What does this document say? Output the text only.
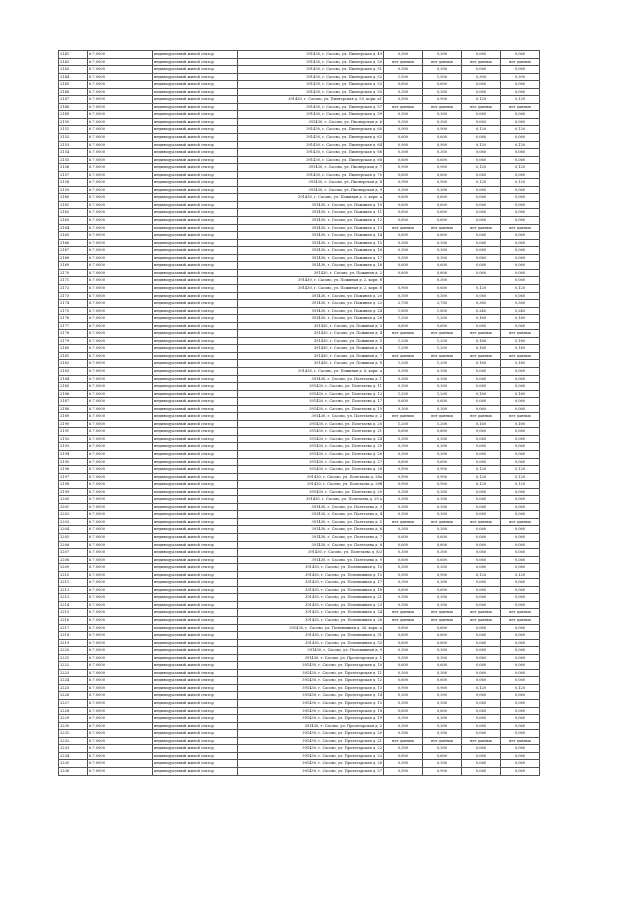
2141	6.7.0000	индивидуальный жилой сектор	391430, г. Сасово, ул. Пионерская д. 49	0,300	0,300	0,060	0,060
2142	6.7.0000	индивидуальный жилой сектор	391430, г. Сасово, ул. Пионерская д. 50	нет данных	нет данных	нет данных	нет данных
2143	6.7.0000	индивидуальный жилой сектор	391430, г. Сасово, ул. Пионерская д. 51	0,300	0,300	0,060	0,060
2144	6.7.0000	индивидуальный жилой сектор	391430, г. Сасово, ул. Пионерская д. 52	1,500	1,500	0,300	0,300
2145	6.7.0000	индивидуальный жилой сектор	391430, г. Сасово, ул. Пионерская д. 53	0,600	0,600	0,060	0,060
2146	6.7.0000	индивидуальный жилой сектор	391430, г. Сасово, ул. Пионерская д. 55	0,300	0,300	0,060	0,060
2147	6.7.0000	индивидуальный жилой сектор	391430, г. Сасово, ул. Пионерская д. 55, корп. а1	0,900	0,900	0,120	0,120
2148	6.7.0000	индивидуальный жилой сектор	391430, г. Сасово, ул. Пионерская д. 57	нет данных	нет данных	нет данных	нет данных
2149	6.7.0000	индивидуальный жилой сектор	391430, г. Сасово, ул. Пионерская д. 59	0,300	0,300	0,060	0,060
2150	6.7.0000	индивидуальный жилой сектор	391430, г. Сасово, ул. Пионерская д. 6	0,300	0,300	0,060	0,060
2151	6.7.0000	индивидуальный жилой сектор	391430, г. Сасово, ул. Пионерская д. 60	0,900	0,900	0,120	0,120
2152	6.7.0000	индивидуальный жилой сектор	391430, г. Сасово, ул. Пионерская д. 62	0,600	0,600	0,060	0,060
2153	6.7.0000	индивидуальный жилой сектор	391430, г. Сасово, ул. Пионерская д. 64	0,900	0,900	0,120	0,120
2154	6.7.0000	индивидуальный жилой сектор	391430, г. Сасово, ул. Пионерская д. 66	0,300	0,300	0,060	0,060
2155	6.7.0000	индивидуальный жилой сектор	391430, г. Сасово, ул. Пионерская д. 68	0,600	0,600	0,060	0,060
2156	6.7.0000	индивидуальный жилой сектор	391430, г. Сасово, ул. Пионерская д. 7	0,900	0,900	0,120	0,120
2157	6.7.0000	индивидуальный жилой сектор	391430, г. Сасово, ул. Пионерская д. 70	0,600	0,600	0,060	0,060
2158	6.7.0000	индивидуальный жилой сектор	391430, г. Сасово, ул. Пионерская д. 8	0,900	0,900	0,120	0,120
2159	6.7.0000	индивидуальный жилой сектор	391430, г. Сасово, ул. Пионерская д. 9	0,300	0,300	0,060	0,060
2160	6.7.0000	индивидуальный жилой сектор	391430, г. Сасово, ул. Пожиная д. 2, корп. а	0,600	0,600	0,060	0,060
2161	6.7.0000	индивидуальный жилой сектор	391430, г. Сасово, ул. Пожиная д. 10	0,600	0,600	0,060	0,060
2162	6.7.0000	индивидуальный жилой сектор	391430, г. Сасово, ул. Пожиная д. 11	0,600	0,600	0,060	0,060
2163	6.7.0000	индивидуальный жилой сектор	391430, г. Сасово, ул. Пожиная д. 12	0,600	0,600	0,060	0,060
2164	6.7.0000	индивидуальный жилой сектор	391430, г. Сасово, ул. Пожиная д. 13	нет данных	нет данных	нет данных	нет данных
2165	6.7.0000	индивидуальный жилой сектор	391430, г. Сасово, ул. Пожиная д. 14	0,600	0,600	0,060	0,060
2166	6.7.0000	индивидуальный жилой сектор	391430, г. Сасово, ул. Пожиная д. 15	0,300	0,300	0,060	0,060
2167	6.7.0000	индивидуальный жилой сектор	391430, г. Сасово, ул. Пожиная д. 16	0,300	0,300	0,060	0,060
2168	6.7.0000	индивидуальный жилой сектор	391430, г. Сасово, ул. Пожиная д. 17	0,300	0,300	0,060	0,060
2169	6.7.0000	индивидуальный жилой сектор	391430, г. Сасово, ул. Пожиная д. 18	0,600	0,600	0,060	0,060
2170	6.7.0000	индивидуальный жилой сектор	391430, г. Сасово, ул. Пожиная д. 2	0,600	0,600	0,060	0,060
2171	6.7.0000	индивидуальный жилой сектор	391430, г. Сасово, ул. Пожиная д. 2, корп. б		0,300		0,060
2172	6.7.0000	индивидуальный жилой сектор	391430, г. Сасово, ул. Пожиная д. 2, корп. б	0,900	0,600	0,120	0,120
2173	6.7.0000	индивидуальный жилой сектор	391430, г. Сасово, ул. Пожиная д. 20	0,300	0,300	0,060	0,060
2174	6.7.0000	индивидуальный жилой сектор	391430, г. Сасово, ул. Пожиная д. 22	2,700	2,700	0,360	0,360
2175	6.7.0000	индивидуальный жилой сектор	391430, г. Сасово, ул. Пожиная д. 24	1,800	1,800	0,240	0,240
2176	6.7.0000	индивидуальный жилой сектор	391430, г. Сасово, ул. Пожиная д. 26	1,200	1,200	0,160	0,160
2177	6.7.0000	индивидуальный жилой сектор	391430, г. Сасово, ул. Пожиная д. 3	0,600	0,600	0,060	0,060
2178	6.7.0000	индивидуальный жилой сектор	391430, г. Сасово, ул. Пожиная д. 4	нет данных	нет данных	нет данных	нет данных
2179	6.7.0000	индивидуальный жилой сектор	391430, г. Сасово, ул. Пожиная д. 5	1,200	1,200	0,160	0,160
2180	6.7.0000	индивидуальный жилой сектор	391430, г. Сасово, ул. Пожиная д. 6	1,200	1,200	0,160	0,160
2181	6.7.0000	индивидуальный жилой сектор	391430, г. Сасово, ул. Пожиная д. 7	нет данных	нет данных	нет данных	нет данных
2182	6.7.0000	индивидуальный жилой сектор	391430, г. Сасово, ул. Пожиная д. 8	1,200	1,200	0,160	0,160
2183	6.7.0000	индивидуальный жилой сектор	391430, г. Сасово, ул. Пожиная д. 8, корп. а	0,300	0,300	0,060	0,060
2184	6.7.0000	индивидуальный жилой сектор	391430, г. Сасово, ул. Полетаева д. 1	0,300	0,300	0,060	0,060
2185	6.7.0000	индивидуальный жилой сектор	391430, г. Сасово, ул. Полетаева д. 11	0,300	0,300	0,060	0,060
2186	6.7.0000	индивидуальный жилой сектор	391430, г. Сасово, ул. Полетаева д. 12	1,200	1,200	0,160	0,160
2187	6.7.0000	индивидуальный жилой сектор	391430, г. Сасово, ул. Полетаева д. 17	0,600	0,600	0,060	0,060
2188	6.7.0000	индивидуальный жилой сектор	391430, г. Сасово, ул. Полетаева д. 19	0,300	0,300	0,060	0,060
2189	6.7.0000	индивидуальный жилой сектор	391430, г. Сасово, ул. Полетаева д. 2	нет данных	нет данных	нет данных	нет данных
2190	6.7.0000	индивидуальный жилой сектор	391430, г. Сасово, ул. Полетаева д. 20	1,200	1,200	0,160	0,160
2191	6.7.0000	индивидуальный жилой сектор	391430, г. Сасово, ул. Полетаева д. 21	0,600	0,600	0,060	0,060
2192	6.7.0000	индивидуальный жилой сектор	391430, г. Сасово, ул. Полетаева д. 24	0,300	0,300	0,060	0,060
2193	6.7.0000	индивидуальный жилой сектор	391430, г. Сасово, ул. Полетаева д. 25	0,300	0,300	0,060	0,060
2194	6.7.0000	индивидуальный жилой сектор	391430, г. Сасово, ул. Полетаева д. 26	0,300	0,300	0,060	0,060
2195	6.7.0000	индивидуальный жилой сектор	391430, г. Сасово, ул. Полетаева д. 27	0,600	0,600	0,060	0,060
2196	6.7.0000	индивидуальный жилой сектор	391430, г. Сасово, ул. Полетаева д. 28	0,900	0,900	0,120	0,120
2197	6.7.0000	индивидуальный жилой сектор	391430, г. Сасово, ул. Полетаева д. 28а	0,900	0,900	0,120	0,120
2198	6.7.0000	индивидуальный жилой сектор	391430, г. Сасово, ул. Полетаева д. 28б	0,900	0,900	0,120	0,120
2199	6.7.0000	индивидуальный жилой сектор	391430, г. Сасово, ул. Полетаева д. 29	0,300	0,300	0,060	0,060
2200	6.7.0000	индивидуальный жилой сектор	391430, г. Сасово, ул. Полетаева д. 29 а	0,300	0,300	0,060	0,060
2201	6.7.0000	индивидуальный жилой сектор	391430, г. Сасово, ул. Полетаева д. 3	0,300	0,300	0,060	0,060
2202	6.7.0000	индивидуальный жилой сектор	391430, г. Сасово, ул. Полетаева д. 4	0,300	0,300	0,060	0,060
2203	6.7.0000	индивидуальный жилой сектор	391430, г. Сасово, ул. Полетаева д. 5	нет данных	нет данных	нет данных	нет данных
2204	6.7.0000	индивидуальный жилой сектор	391430, г. Сасово, ул. Полетаева д. 6	0,300	0,300	0,060	0,060
2205	6.7.0000	индивидуальный жилой сектор	391430, г. Сасово, ул. Полетаева д. 7	0,600	0,600	0,060	0,060
2206	6.7.0000	индивидуальный жилой сектор	391430, г. Сасово, ул. Полетаева д. 8	0,600	0,600	0,060	0,060
2207	6.7.0000	индивидуальный жилой сектор	391430, г. Сасово, ул. Полетаева д. 8/2	0,300	0,300	0,060	0,060
2208	6.7.0000	индивидуальный жилой сектор	391430, г. Сасово, ул. Полетаева д. 9	0,600	0,600	0,060	0,060
2209	6.7.0000	индивидуальный жилой сектор	391430, г. Сасово, ул. Полевишная д. 10	0,300	0,300	0,060	0,060
2210	6.7.0000	индивидуальный жилой сектор	391430, г. Сасово, ул. Полевишная д. 15	0,900	0,900	0,120	0,120
2211	6.7.0000	индивидуальный жилой сектор	391430, г. Сасово, ул. Полевишная д. 17	0,300	0,300	0,060	0,060
2212	6.7.0000	индивидуальный жилой сектор	391430, г. Сасово, ул. Полевишная д. 18	0,600	0,600	0,060	0,060
2213	6.7.0000	индивидуальный жилой сектор	391430, г. Сасово, ул. Полевишная д. 21	0,300	0,300	0,060	0,060
2214	6.7.0000	индивидуальный жилой сектор	391430, г. Сасово, ул. Полевишная д. 23	0,300	0,300	0,060	0,060
2215	6.7.0000	индивидуальный жилой сектор	391430, г. Сасово, ул. Полевишная д. 24	нет данных	нет данных	нет данных	нет данных
2216	6.7.0000	индивидуальный жилой сектор	391430, г. Сасово, ул. Полевишная д. 26	нет данных	нет данных	нет данных	нет данных
2217	6.7.0000	индивидуальный жилой сектор	391430, г. Сасово, ул. Полевишная д. 26, корп. а	0,600	0,600	0,060	0,060
2218	6.7.0000	индивидуальный жилой сектор	391430, г. Сасово, ул. Полевишная д. 31	0,600	0,600	0,060	0,060
2219	6.7.0000	индивидуальный жилой сектор	391430, г. Сасово, ул. Полевишная д. 33	0,600	0,600	0,060	0,060
2220	6.7.0000	индивидуальный жилой сектор	391430, г. Сасово, ул. Полевишная д. 9	0,300	0,300	0,060	0,060
2221	6.7.0000	индивидуальный жилой сектор	391430, г. Сасово, ул. Пролетарская д. 1	0,300	0,300	0,060	0,060
2222	6.7.0000	индивидуальный жилой сектор	391430, г. Сасово, ул. Пролетарская д. 10	0,600	0,600	0,060	0,060
2223	6.7.0000	индивидуальный жилой сектор	391430, г. Сасово, ул. Пролетарская д. 11	0,300	0,300	0,060	0,060
2224	6.7.0000	индивидуальный жилой сектор	391430, г. Сасово, ул. Пролетарская д. 12	0,600	0,600	0,060	0,060
2225	6.7.0000	индивидуальный жилой сектор	391430, г. Сасово, ул. Пролетарская д. 13	0,900	0,900	0,120	0,120
2226	6.7.0000	индивидуальный жилой сектор	391430, г. Сасово, ул. Пролетарская д. 14	0,300	0,300	0,060	0,060
2227	6.7.0000	индивидуальный жилой сектор	391430, г. Сасово, ул. Пролетарская д. 15	0,300	0,300	0,060	0,060
2228	6.7.0000	индивидуальный жилой сектор	391430, г. Сасово, ул. Пролетарская д. 18	0,600	0,600	0,060	0,060
2229	6.7.0000	индивидуальный жилой сектор	391430, г. Сасово, ул. Пролетарская д. 19	0,300	0,300	0,060	0,060
2230	6.7.0000	индивидуальный жилой сектор	391430, г. Сасово, ул. Пролетарская д. 2	0,300	0,300	0,060	0,060
2231	6.7.0000	индивидуальный жилой сектор	391430, г. Сасово, ул. Пролетарская д. 20	0,300	0,300	0,060	0,060
2232	6.7.0000	индивидуальный жилой сектор	391430, г. Сасово, ул. Пролетарская д. 21	нет данных	нет данных	нет данных	нет данных
2233	6.7.0000	индивидуальный жилой сектор	391430, г. Сасово, ул. Пролетарская д. 22	0,300	0,300	0,060	0,060
2234	6.7.0000	индивидуальный жилой сектор	391430, г. Сасово, ул. Пролетарская д. 23	0,600	0,600	0,060	0,060
2235	6.7.0000	индивидуальный жилой сектор	391430, г. Сасово, ул. Пролетарская д. 26	0,300	0,300	0,060	0,060
2236	6.7.0000	индивидуальный жилой сектор	391430, г. Сасово, ул. Пролетарская д. 27	0,900	0,900	0,060	0,060
